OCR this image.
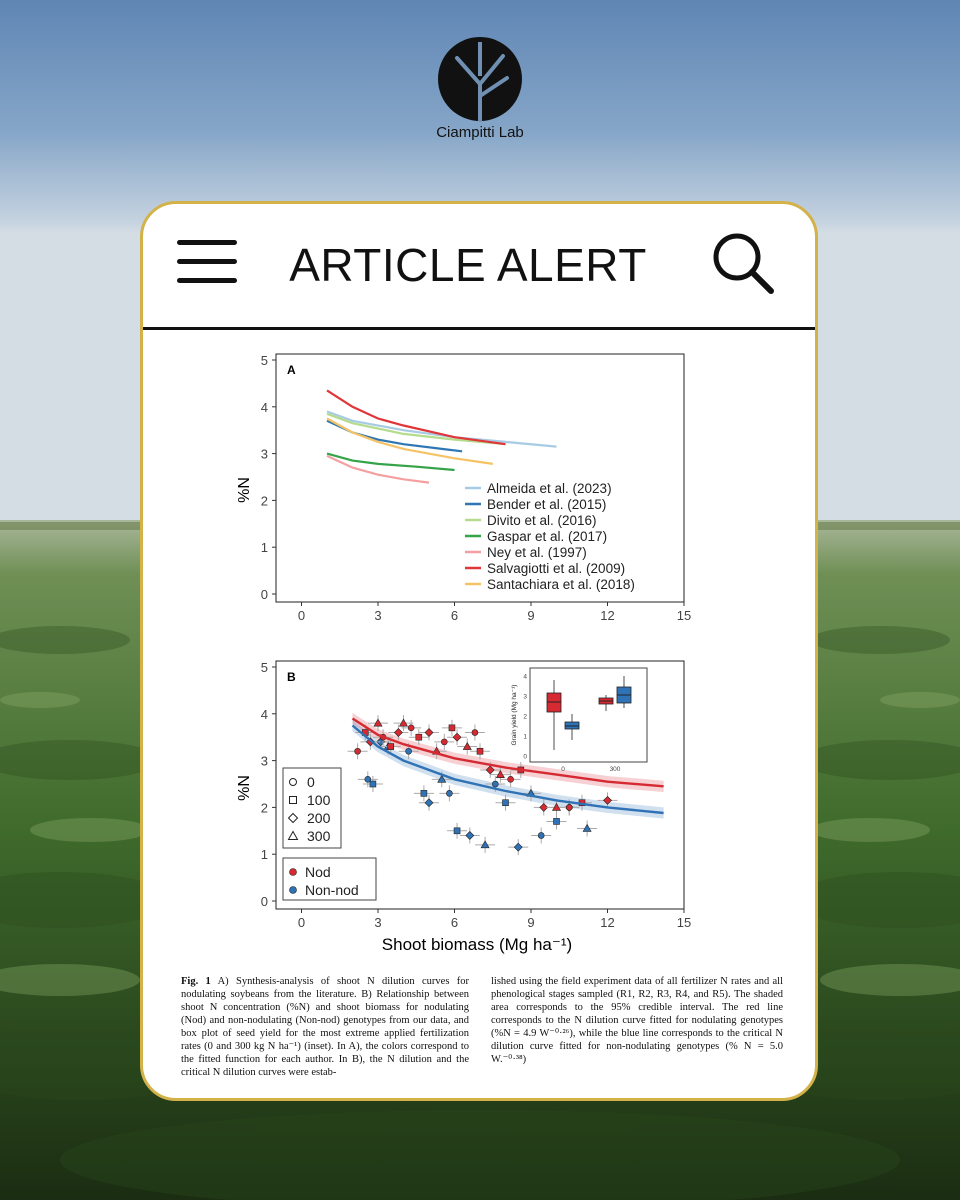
Ciampitti Lab
ARTICLE ALERT
A
%N
0	3	6	9	12	15
0
1
2
3
4
5
Almeida et al. (2023)
Bender et al. (2015)
Divito et al. (2016)
Gaspar et al. (2017)
Ney et al. (1997)
Salvagiotti et al. (2009)
Santachiara et al. (2018)
B
%N
Shoot biomass (Mg ha⁻¹)
0	3	6	9	12	15
0
1
2
3
4
5
0
100
200
300
Nod
Non-nod
0
1
2
3
4
Grain yield (Mg ha⁻¹)
0	300
Fig. 1 A) Synthesis-analysis of shoot N dilution curves for nodulating soybeans from the literature. B) Relationship between shoot N concentration (%N) and shoot biomass for nodulating (Nod) and non-nodulating (Non-nod) genotypes from our data, and box plot of seed yield for the most extreme applied fertilization rates (0 and 300 kg N ha⁻¹) (inset). In A), the colors correspond to the fitted function for each author. In B), the N dilution and the critical N dilution curves were estab-
lished using the field experiment data of all fertilizer N rates and all phenological stages sampled (R1, R2, R3, R4, and R5). The shaded area corresponds to the 95% credible interval. The red line corresponds to the N dilution curve fitted for nodulating genotypes (%N = 4.9 W⁻⁰·²⁶), while the blue line corresponds to the critical N dilution curve fitted for non-nodulating genotypes (% N = 5.0 W.⁻⁰·³⁸)
